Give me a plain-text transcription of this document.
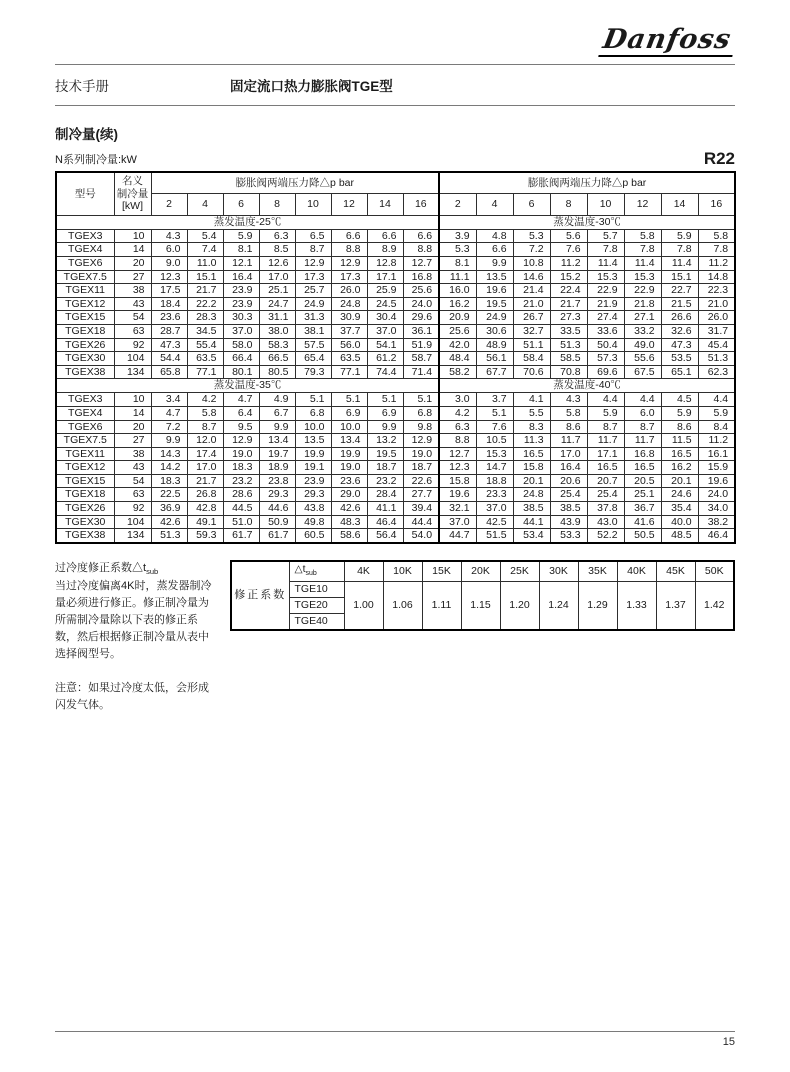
Danfoss
技术手册	固定流口热力膨胀阀TGE型
制冷量(续)
N系列制冷量:kW	R22
型号	名义
制冷量
[kW]	膨胀阀两端压力降△p bar								膨胀阀两端压力降△p bar							
		2	4	6	8	10	12	14	16	2	4	6	8	10	12	14	16
蒸发温度-25℃										蒸发温度-30℃							
TGEX3	10	4.3	5.4	5.9	6.3	6.5	6.6	6.6	6.6	3.9	4.8	5.3	5.6	5.7	5.8	5.9	5.8
TGEX4	14	6.0	7.4	8.1	8.5	8.7	8.8	8.9	8.8	5.3	6.6	7.2	7.6	7.8	7.8	7.8	7.8
TGEX6	20	9.0	11.0	12.1	12.6	12.9	12.9	12.8	12.7	8.1	9.9	10.8	11.2	11.4	11.4	11.4	11.2
TGEX7.5	27	12.3	15.1	16.4	17.0	17.3	17.3	17.1	16.8	11.1	13.5	14.6	15.2	15.3	15.3	15.1	14.8
TGEX11	38	17.5	21.7	23.9	25.1	25.7	26.0	25.9	25.6	16.0	19.6	21.4	22.4	22.9	22.9	22.7	22.3
TGEX12	43	18.4	22.2	23.9	24.7	24.9	24.8	24.5	24.0	16.2	19.5	21.0	21.7	21.9	21.8	21.5	21.0
TGEX15	54	23.6	28.3	30.3	31.1	31.3	30.9	30.4	29.6	20.9	24.9	26.7	27.3	27.4	27.1	26.6	26.0
TGEX18	63	28.7	34.5	37.0	38.0	38.1	37.7	37.0	36.1	25.6	30.6	32.7	33.5	33.6	33.2	32.6	31.7
TGEX26	92	47.3	55.4	58.0	58.3	57.5	56.0	54.1	51.9	42.0	48.9	51.1	51.3	50.4	49.0	47.3	45.4
TGEX30	104	54.4	63.5	66.4	66.5	65.4	63.5	61.2	58.7	48.4	56.1	58.4	58.5	57.3	55.6	53.5	51.3
TGEX38	134	65.8	77.1	80.1	80.5	79.3	77.1	74.4	71.4	58.2	67.7	70.6	70.8	69.6	67.5	65.1	62.3
蒸发温度-35℃										蒸发温度-40℃							
TGEX3	10	3.4	4.2	4.7	4.9	5.1	5.1	5.1	5.1	3.0	3.7	4.1	4.3	4.4	4.4	4.5	4.4
TGEX4	14	4.7	5.8	6.4	6.7	6.8	6.9	6.9	6.8	4.2	5.1	5.5	5.8	5.9	6.0	5.9	5.9
TGEX6	20	7.2	8.7	9.5	9.9	10.0	10.0	9.9	9.8	6.3	7.6	8.3	8.6	8.7	8.7	8.6	8.4
TGEX7.5	27	9.9	12.0	12.9	13.4	13.5	13.4	13.2	12.9	8.8	10.5	11.3	11.7	11.7	11.7	11.5	11.2
TGEX11	38	14.3	17.4	19.0	19.7	19.9	19.9	19.5	19.0	12.7	15.3	16.5	17.0	17.1	16.8	16.5	16.1
TGEX12	43	14.2	17.0	18.3	18.9	19.1	19.0	18.7	18.7	12.3	14.7	15.8	16.4	16.5	16.5	16.2	15.9
TGEX15	54	18.3	21.7	23.2	23.8	23.9	23.6	23.2	22.6	15.8	18.8	20.1	20.6	20.7	20.5	20.1	19.6
TGEX18	63	22.5	26.8	28.6	29.3	29.3	29.0	28.4	27.7	19.6	23.3	24.8	25.4	25.4	25.1	24.6	24.0
TGEX26	92	36.9	42.8	44.5	44.6	43.8	42.6	41.1	39.4	32.1	37.0	38.5	38.5	37.8	36.7	35.4	34.0
TGEX30	104	42.6	49.1	51.0	50.9	49.8	48.3	46.4	44.4	37.0	42.5	44.1	43.9	43.0	41.6	40.0	38.2
TGEX38	134	51.3	59.3	61.7	61.7	60.5	58.6	56.4	54.0	44.7	51.5	53.4	53.3	52.2	50.5	48.5	46.4

过冷度修正系数$\triangle t_{sub}$

当过冷度偏离4K时，蒸发器制冷量必须进行修正。修正制冷量为所需制冷量除以下表的修正系数，然后根据修正制冷量从表中选择阀型号。

注意：如果过冷度太低，会形成闪发气体。

修正系数	$\triangle t_{sub}$	4K	10K	15K	20K	25K	30K	35K	40K	45K	50K
	TGE10	1.00	1.06	1.11	1.15	1.20	1.24	1.29	1.33	1.37	1.42
	TGE20										
	TGE40										
15
